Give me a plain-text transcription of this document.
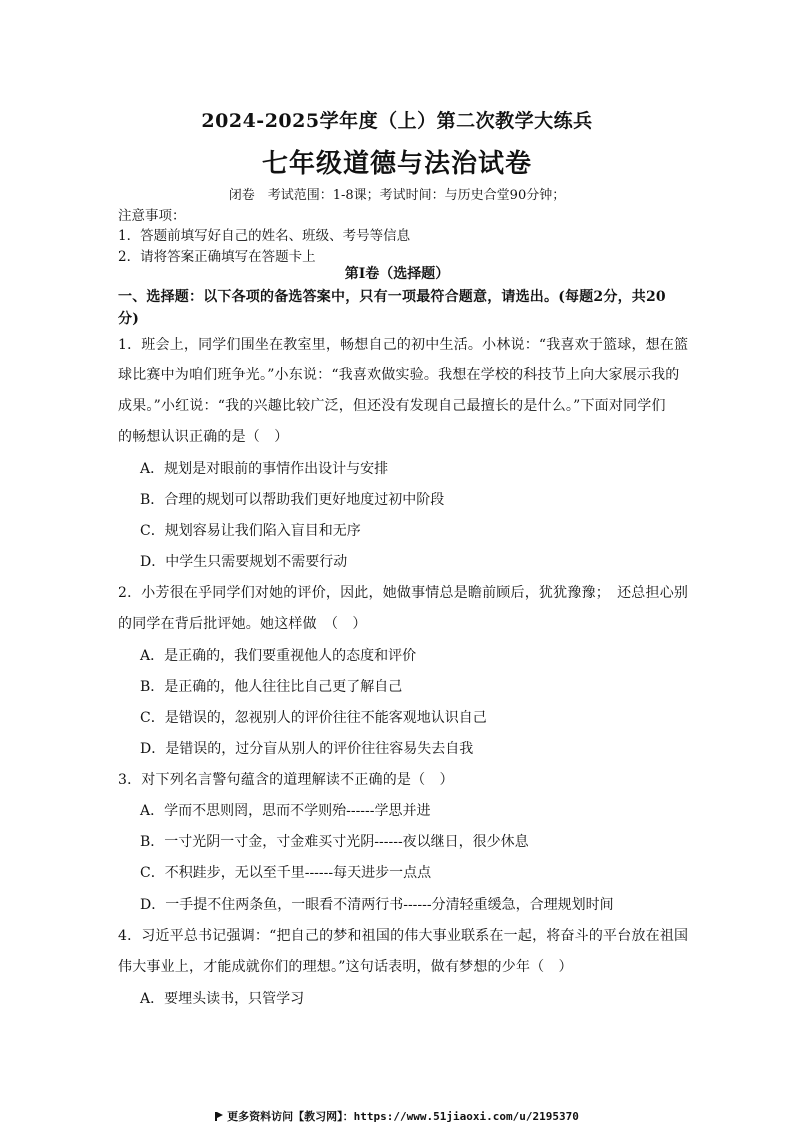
2024-2025学年度（上）第二次教学大练兵
七年级道德与法治试卷
闭卷　考试范围：1-8课；考试时间：与历史合堂90分钟；
注意事项：
1．答题前填写好自己的姓名、班级、考号等信息
2．请将答案正确填写在答题卡上
第Ⅰ卷（选择题）
一、选择题：以下各项的备选答案中，只有一项最符合题意，请选出。(每题2分，共20
分)
1．班会上，同学们围坐在教室里，畅想自己的初中生活。小林说：“我喜欢于篮球，想在篮
球比赛中为咱们班争光。”小东说：“我喜欢做实验。我想在学校的科技节上向大家展示我的
成果。”小红说：“我的兴趣比较广泛，但还没有发现自己最擅长的是什么。”下面对同学们
的畅想认识正确的是（　）
A．规划是对眼前的事情作出设计与安排
B．合理的规划可以帮助我们更好地度过初中阶段
C．规划容易让我们陷入盲目和无序
D．中学生只需要规划不需要行动
2．小芳很在乎同学们对她的评价，因此，她做事情总是瞻前顾后，犹犹豫豫；　还总担心别
的同学在背后批评她。她这样做　（　）
A．是正确的，我们要重视他人的态度和评价
B．是正确的，他人往往比自己更了解自己
C．是错误的，忽视别人的评价往往不能客观地认识自己
D．是错误的，过分盲从别人的评价往往容易失去自我
3．对下列名言警句蕴含的道理解读不正确的是（　）
A．学而不思则罔，思而不学则殆------学思并进
B．一寸光阴一寸金，寸金难买寸光阴------夜以继日，很少休息
C．不积跬步，无以至千里------每天进步一点点
D．一手提不住两条鱼，一眼看不清两行书------分清轻重缓急，合理规划时间
4．习近平总书记强调：“把自己的梦和祖国的伟大事业联系在一起，将奋斗的平台放在祖国
伟大事业上，才能成就你们的理想。”这句话表明，做有梦想的少年（　）
A．要埋头读书，只管学习
更多资料访问【教习网】：https://www.51jiaoxi.com/u/2195370
